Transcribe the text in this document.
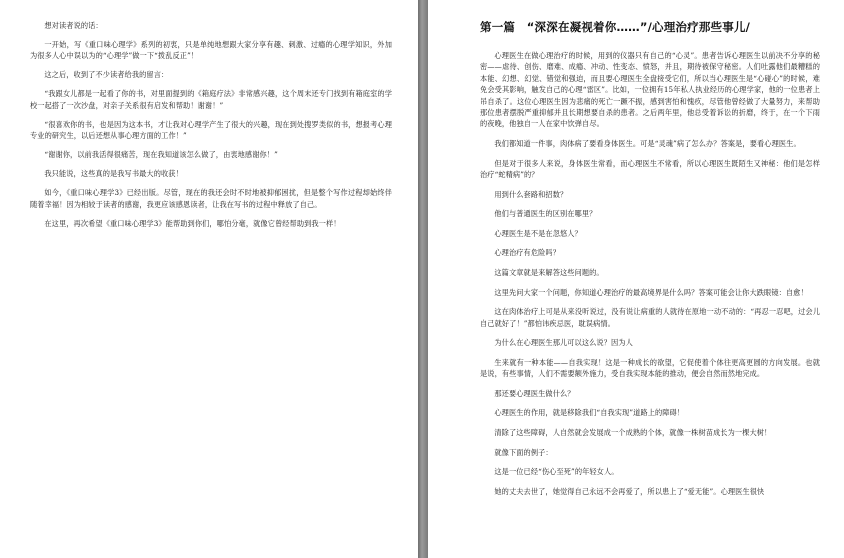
想对读者说的话：

一开始，写《重口味心理学》系列的初衷，只是单纯地想跟大家分享有趣、刺激、过瘾的心理学知识，外加为很多人心中误以为的“心理学”做一下“拨乱反正”！

这之后，收到了不少读者给我的留言：

“我跟女儿都是一起看了你的书，对里面提到的《箱庭疗法》非常感兴趣，这个周末还专门找到有箱庭室的学校一起搭了一次沙盘，对亲子关系很有启发和帮助！谢谢！”

“很喜欢你的书，也是因为这本书，才让我对心理学产生了很大的兴趣，现在到处搜罗类似的书，想报考心理专业的研究生，以后还想从事心理方面的工作！”

“谢谢你，以前我活得很痛苦，现在我知道该怎么做了，由衷地感谢你！”

我只能说，这些真的是我写书最大的收获！

如今，《重口味心理学3》已经出版。尽管，现在的我还会时不时地被抑郁困扰，但是整个写作过程却始终伴随着幸福！因为相较于读者的感谢，我更应该感恩读者，让我在写书的过程中释放了自己。

在这里，再次希望《重口味心理学3》能帮助到你们，哪怕分毫，就像它曾经帮助到我一样！

第一篇　“深深在凝视着你……”/心理治疗那些事儿/

心理医生在做心理治疗的时候，用到的仪器只有自己的“心灵”。患者告诉心理医生以前决不分享的秘密——虐待、创伤、磨难、成瘾、冲动、性变态、愤怒，并且，期待被保守秘密。人们吐露他们最糟糕的本能、幻想、幻觉、错觉和强迫，而且要心理医生全盘接受它们，所以当心理医生是“心碰心”的时候，难免会受其影响，触发自己的心理“雷区”。比如，一位拥有15年私人执业经历的心理学家，他的一位患者上吊自杀了。这位心理医生因为悲痛的死亡一蹶不振，感到害怕和愧疚，尽管他曾经做了大量努力，来帮助那位患者摆脱严重抑郁并且长期想要自杀的患者。之后两年里，他总受着诉讼的折磨，终于，在一个下雨的夜晚，他独自一人在家中饮弹自尽。

我们都知道一件事，肉体病了要看身体医生。可是“灵魂”病了怎么办？答案是，要看心理医生。

但是对于很多人来说，身体医生常看，而心理医生不常看，所以心理医生既陌生又神秘：他们是怎样治疗“蛇精病”的？

用到什么套路和招数？

他们与普通医生的区别在哪里？

心理医生是不是在忽悠人？

心理治疗有危险吗？

这篇文章就是来解答这些问题的。

这里先问大家一个问题，你知道心理治疗的最高境界是什么吗？答案可能会让你大跌眼镜：自愈！

这在肉体治疗上可是从来没听说过，没有说让病重的人就待在原地一动不动的：“再忍一忍吧，过会儿自己就好了！”都怕讳疾忌医，耽误病情。

为什么在心理医生那儿可以这么说？因为人

生来就有一种本能——自我实现！这是一种成长的欲望，它促使着个体往更高更圆的方向发展。也就是说，有些事情，人们不需要额外施力，受自我实现本能的推动，便会自然而然地完成。

那还要心理医生做什么？

心理医生的作用，就是移除我们“自我实现”道路上的障碍！

清除了这些障碍，人自然就会发展成一个成熟的个体，就像一株树苗成长为一棵大树！

就像下面的例子：

这是一位已经“伤心至死”的年轻女人。

她的丈夫去世了，她觉得自己永远不会再爱了，所以患上了“爱无能”。心理医生很快
